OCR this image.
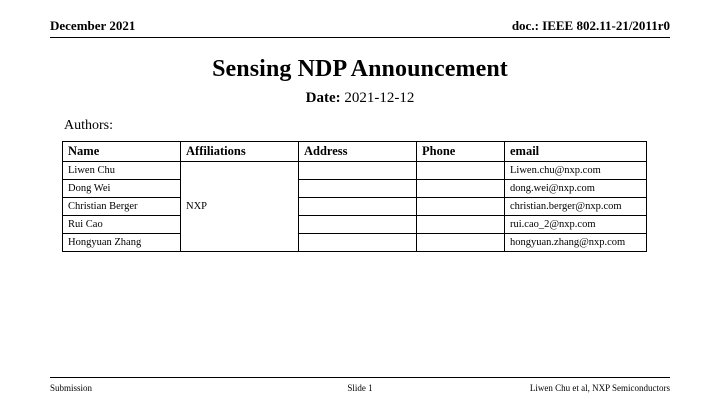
December 2021	doc.: IEEE 802.11-21/2011r0
Sensing NDP Announcement
Date: 2021-12-12
Authors:
Name	Affiliations	Address	Phone	email
Liwen Chu	NXP			Liwen.chu@nxp.com
Dong Wei				dong.wei@nxp.com
Christian Berger				christian.berger@nxp.com
Rui Cao				rui.cao_2@nxp.com
Hongyuan Zhang				hongyuan.zhang@nxp.com
Slide 1
Submission	Liwen Chu et al, NXP Semiconductors
